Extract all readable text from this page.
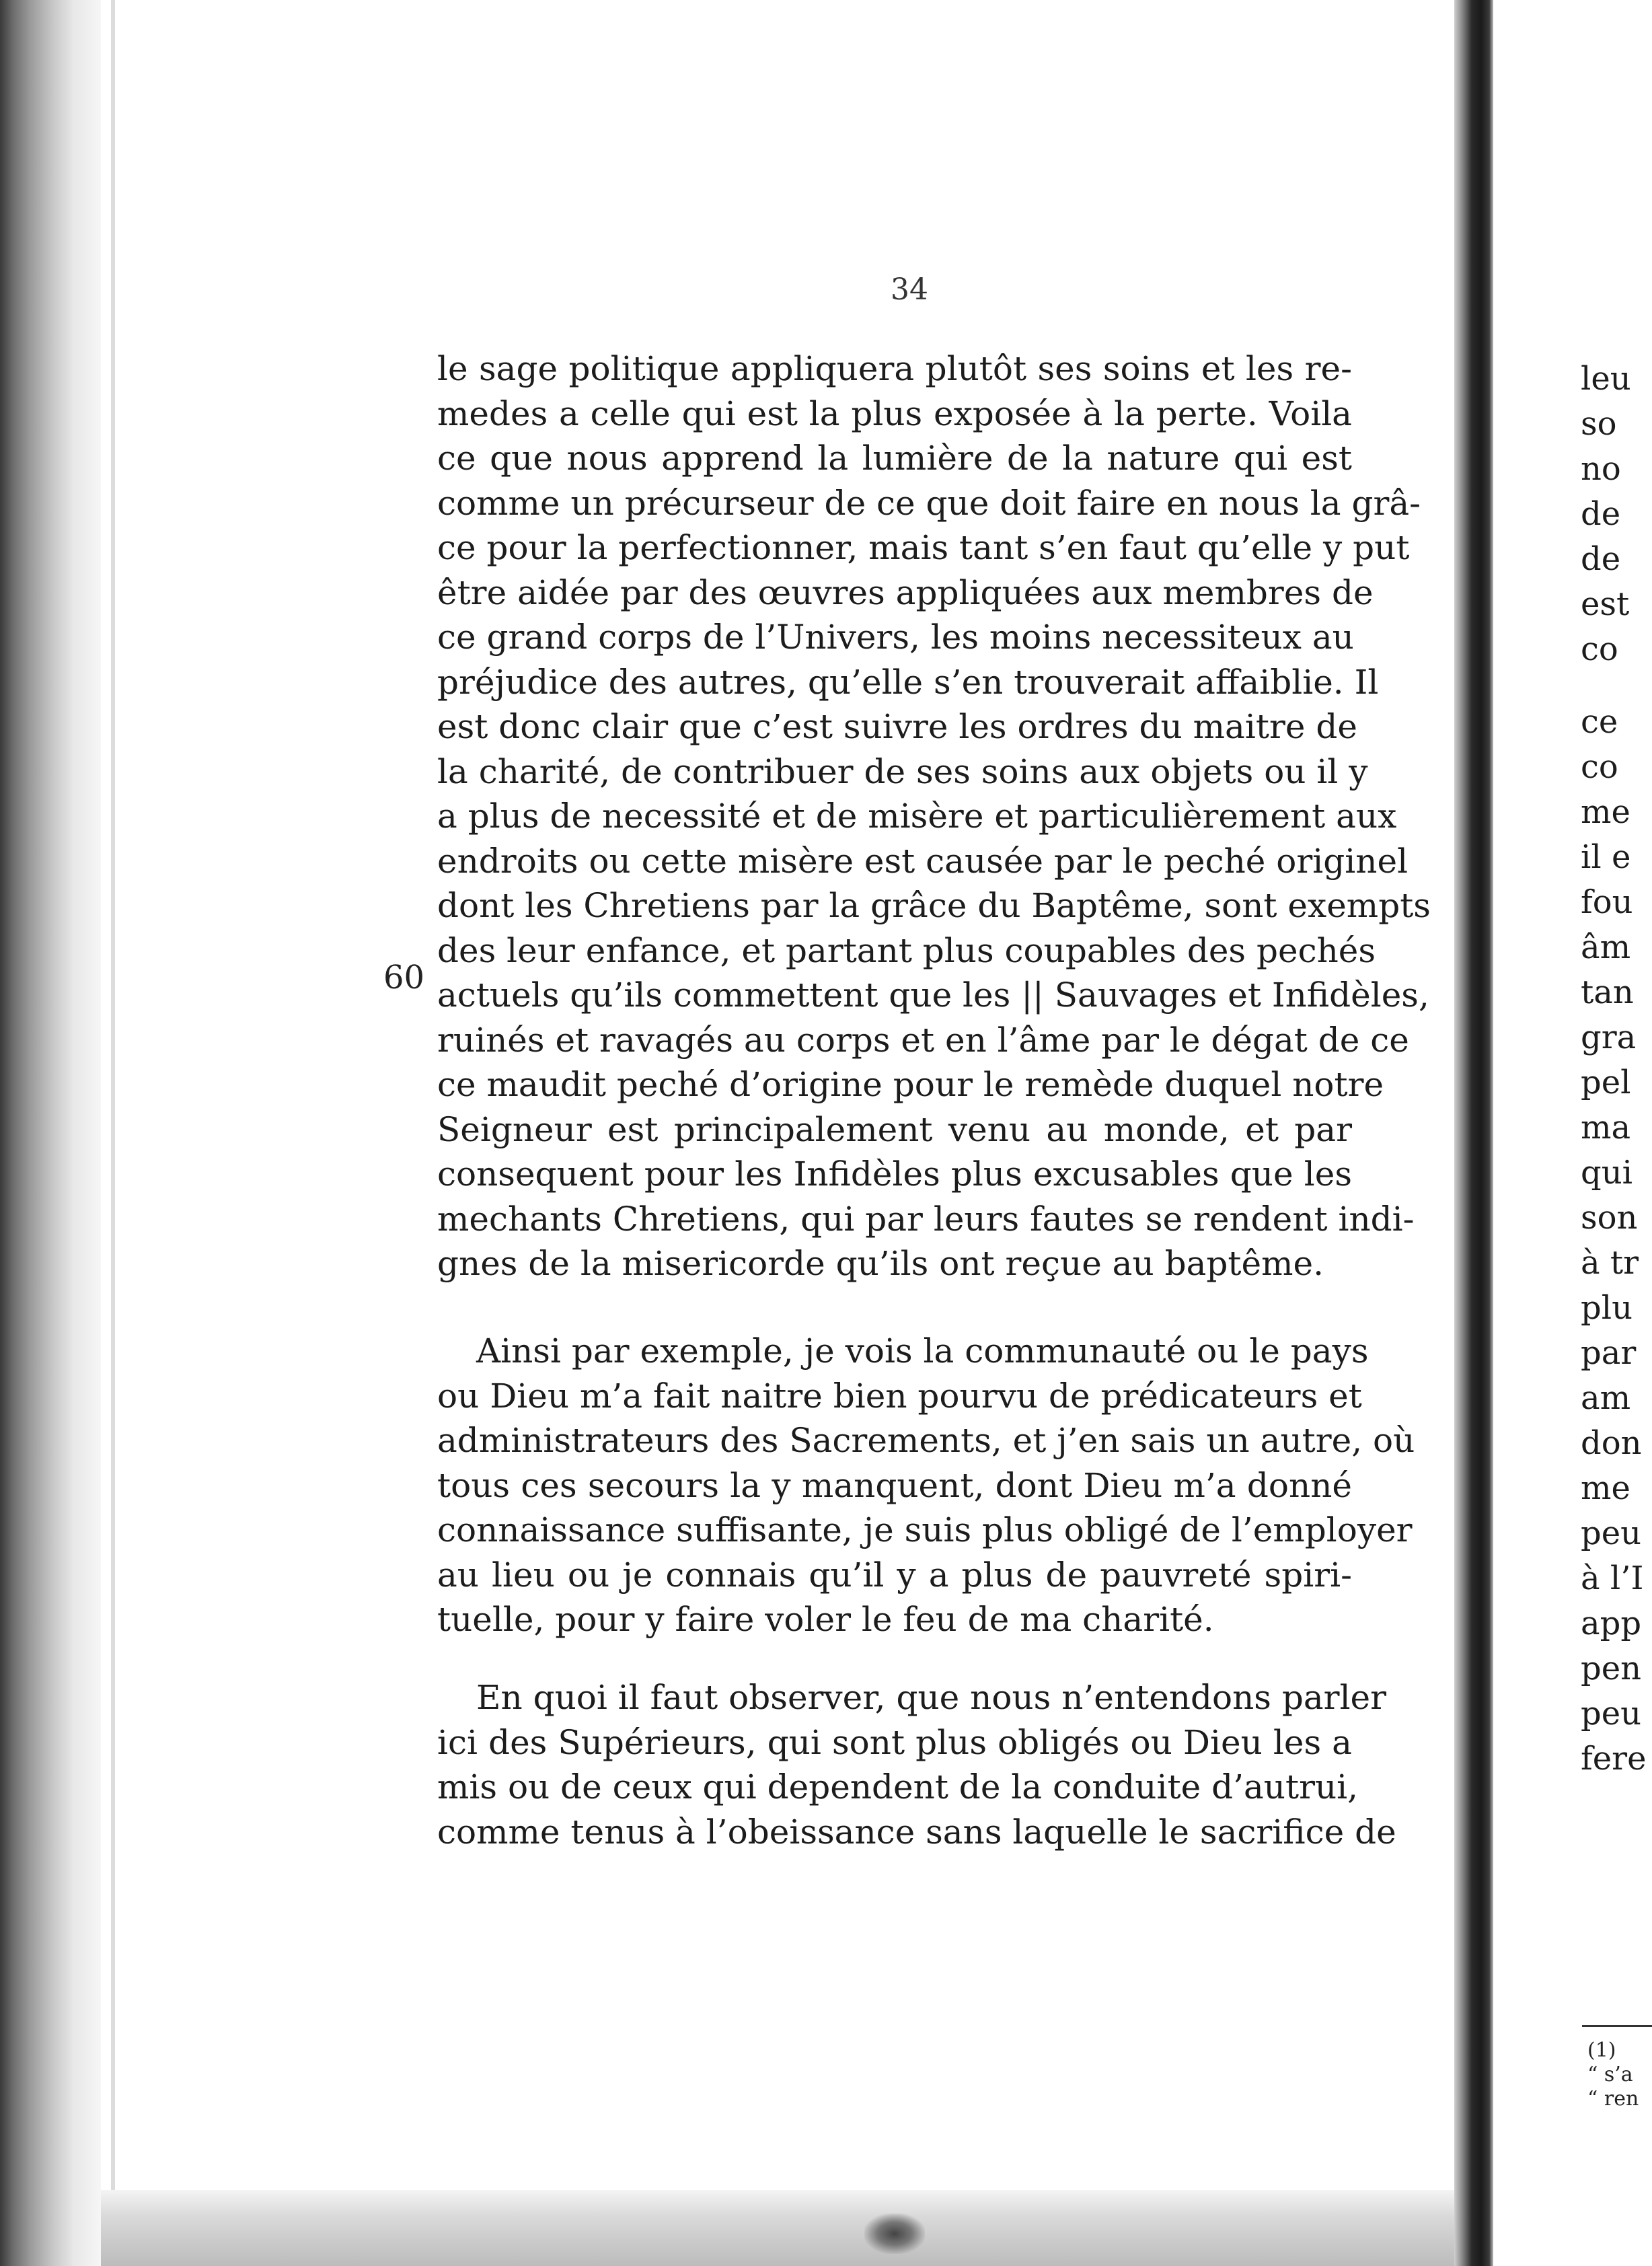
34
60
le sage politique appliquera plutôt ses soins et les re-
medes a celle qui est la plus exposée à la perte. Voila
ce que nous apprend la lumière de la nature qui est
comme un précurseur de ce que doit faire en nous la grâ-
ce pour la perfectionner, mais tant s’en faut qu’elle y put
être aidée par des œuvres appliquées aux membres de
ce grand corps de l’Univers, les moins necessiteux au
préjudice des autres, qu’elle s’en trouverait affaiblie. Il
est donc clair que c’est suivre les ordres du maitre de
la charité, de contribuer de ses soins aux objets ou il y
a plus de necessité et de misère et particulièrement aux
endroits ou cette misère est causée par le peché originel
dont les Chretiens par la grâce du Baptême, sont exempts
des leur enfance, et partant plus coupables des pechés
actuels qu’ils commettent que les || Sauvages et Infidèles,
ruinés et ravagés au corps et en l’âme par le dégat de ce
ce maudit peché d’origine pour le remède duquel notre
Seigneur est principalement venu au monde, et par
consequent pour les Infidèles plus excusables que les
mechants Chretiens, qui par leurs fautes se rendent indi-
gnes de la misericorde qu’ils ont reçue au baptême.
Ainsi par exemple, je vois la communauté ou le pays
ou Dieu m’a fait naitre bien pourvu de prédicateurs et
administrateurs des Sacrements, et j’en sais un autre, où
tous ces secours la y manquent, dont Dieu m’a donné
connaissance suffisante, je suis plus obligé de l’employer
au lieu ou je connais qu’il y a plus de pauvreté spiri-
tuelle, pour y faire voler le feu de ma charité.
En quoi il faut observer, que nous n’entendons parler
ici des Supérieurs, qui sont plus obligés ou Dieu les a
mis ou de ceux qui dependent de la conduite d’autrui,
comme tenus à l’obeissance sans laquelle le sacrifice de
leu
so
no
de
de
est
co
ce
co
me
il e
fou
âm
tan
gra
pel
ma
qui
son
à tr
plu
par
am
don
me
peu
à l’I
app
pen
peu
fere
(1)
“ s’a
“ ren
